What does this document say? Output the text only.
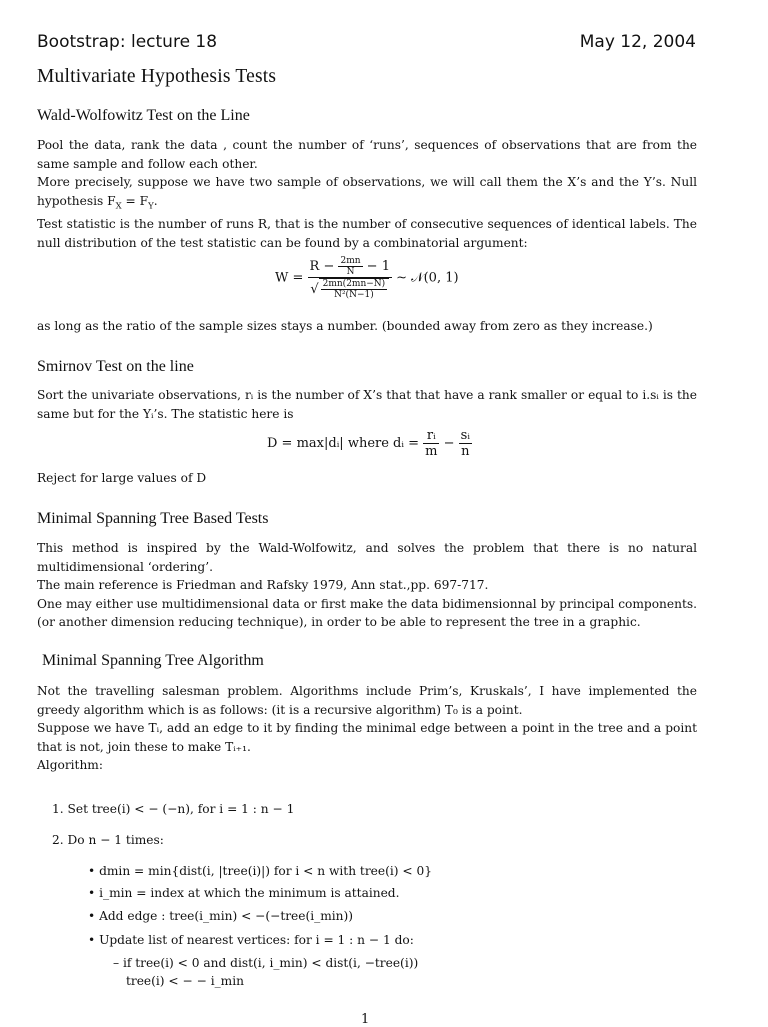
Bootstrap: lecture 18	May 12, 2004
Multivariate Hypothesis Tests
Wald-Wolfowitz Test on the Line

Pool the data, rank the data , count the number of ‘runs’, sequences of observations that are from the same sample and follow each other.

More precisely, suppose we have two sample of observations, we will call them the X’s and the Y’s. Null hypothesis $F_X = F_Y$.

Test statistic is the number of runs R, that is the number of consecutive sequences of identical labels. The null distribution of the test statistic can be found by a combinatorial argument:

$W = \frac{R - \frac{2mn}{N} - 1}{√ \frac{2mn(2mn-N)}{\text{N²(N−1)}}}$ ∼ 𝒩(0, 1)
as long as the ratio of the sample sizes stays a number. (bounded away from zero as they increase.)
Smirnov Test on the line
Sort the univariate observations, rᵢ is the number of X’s that that have a rank smaller or equal to i.sᵢ is the same but for the Yᵢ’s. The statistic here is
D = max|dᵢ| where dᵢ = $\frac{\text{rᵢ}}{m} - \frac{\text{sᵢ}}{n}$
Reject for large values of D
Minimal Spanning Tree Based Tests

This method is inspired by the Wald-Wolfowitz, and solves the problem that there is no natural multidimensional ‘ordering’.

The main reference is Friedman and Rafsky 1979, Ann stat.,pp. 697-717.

One may either use multidimensional data or first make the data bidimensionnal by principal components. (or another dimension reducing technique), in order to be able to represent the tree in a graphic.

Minimal Spanning Tree Algorithm

Not the travelling salesman problem. Algorithms include Prim’s, Kruskals’, I have implemented the greedy algorithm which is as follows: (it is a recursive algorithm) T₀ is a point.

Suppose we have Tᵢ, add an edge to it by finding the minimal edge between a point in the tree and a point that is not, join these to make Tᵢ₊₁.

Algorithm:

1. Set tree(i) < − (−n), for i = 1 : n − 1
2. Do n − 1 times:
• dmin = min{dist(i, |tree(i)|) for i < n with tree(i) < 0}
• i_min = index at which the minimum is attained.
• Add edge : tree(i_min) < −(−tree(i_min))
• Update list of nearest vertices: for i = 1 : n − 1 do:
– if tree(i) < 0 and dist(i, i_min) < dist(i, −tree(i))
tree(i) < − − i_min
1
